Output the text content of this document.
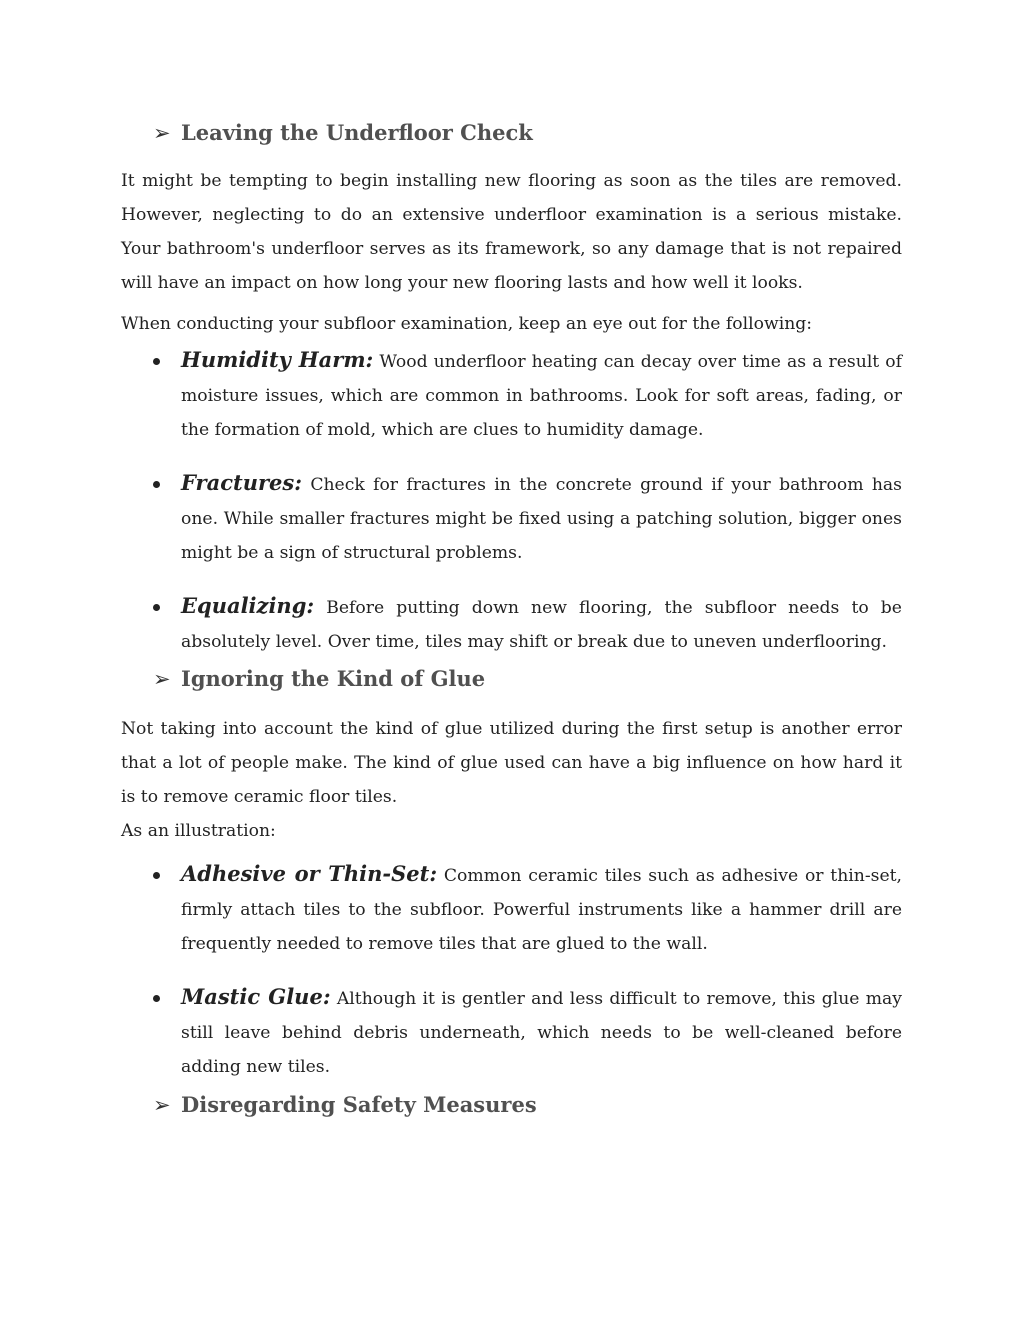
➢ Leaving the Underfloor Check
It might be tempting to begin installing new flooring as soon as the tiles are removed. However, neglecting to do an extensive underfloor examination is a serious mistake. Your bathroom's underfloor serves as its framework, so any damage that is not repaired will have an impact on how long your new flooring lasts and how well it looks.
When conducting your subfloor examination, keep an eye out for the following:
Humidity Harm: Wood underfloor heating can decay over time as a result of moisture issues, which are common in bathrooms. Look for soft areas, fading, or the formation of mold, which are clues to humidity damage.
Fractures: Check for fractures in the concrete ground if your bathroom has one. While smaller fractures might be fixed using a patching solution, bigger ones might be a sign of structural problems.
Equalizing: Before putting down new flooring, the subfloor needs to be absolutely level. Over time, tiles may shift or break due to uneven underflooring.
➢ Ignoring the Kind of Glue
Not taking into account the kind of glue utilized during the first setup is another error that a lot of people make. The kind of glue used can have a big influence on how hard it is to remove ceramic floor tiles.
As an illustration:
Adhesive or Thin-Set: Common ceramic tiles such as adhesive or thin-set, firmly attach tiles to the subfloor. Powerful instruments like a hammer drill are frequently needed to remove tiles that are glued to the wall.
Mastic Glue: Although it is gentler and less difficult to remove, this glue may still leave behind debris underneath, which needs to be well-cleaned before adding new tiles.
➢ Disregarding Safety Measures
